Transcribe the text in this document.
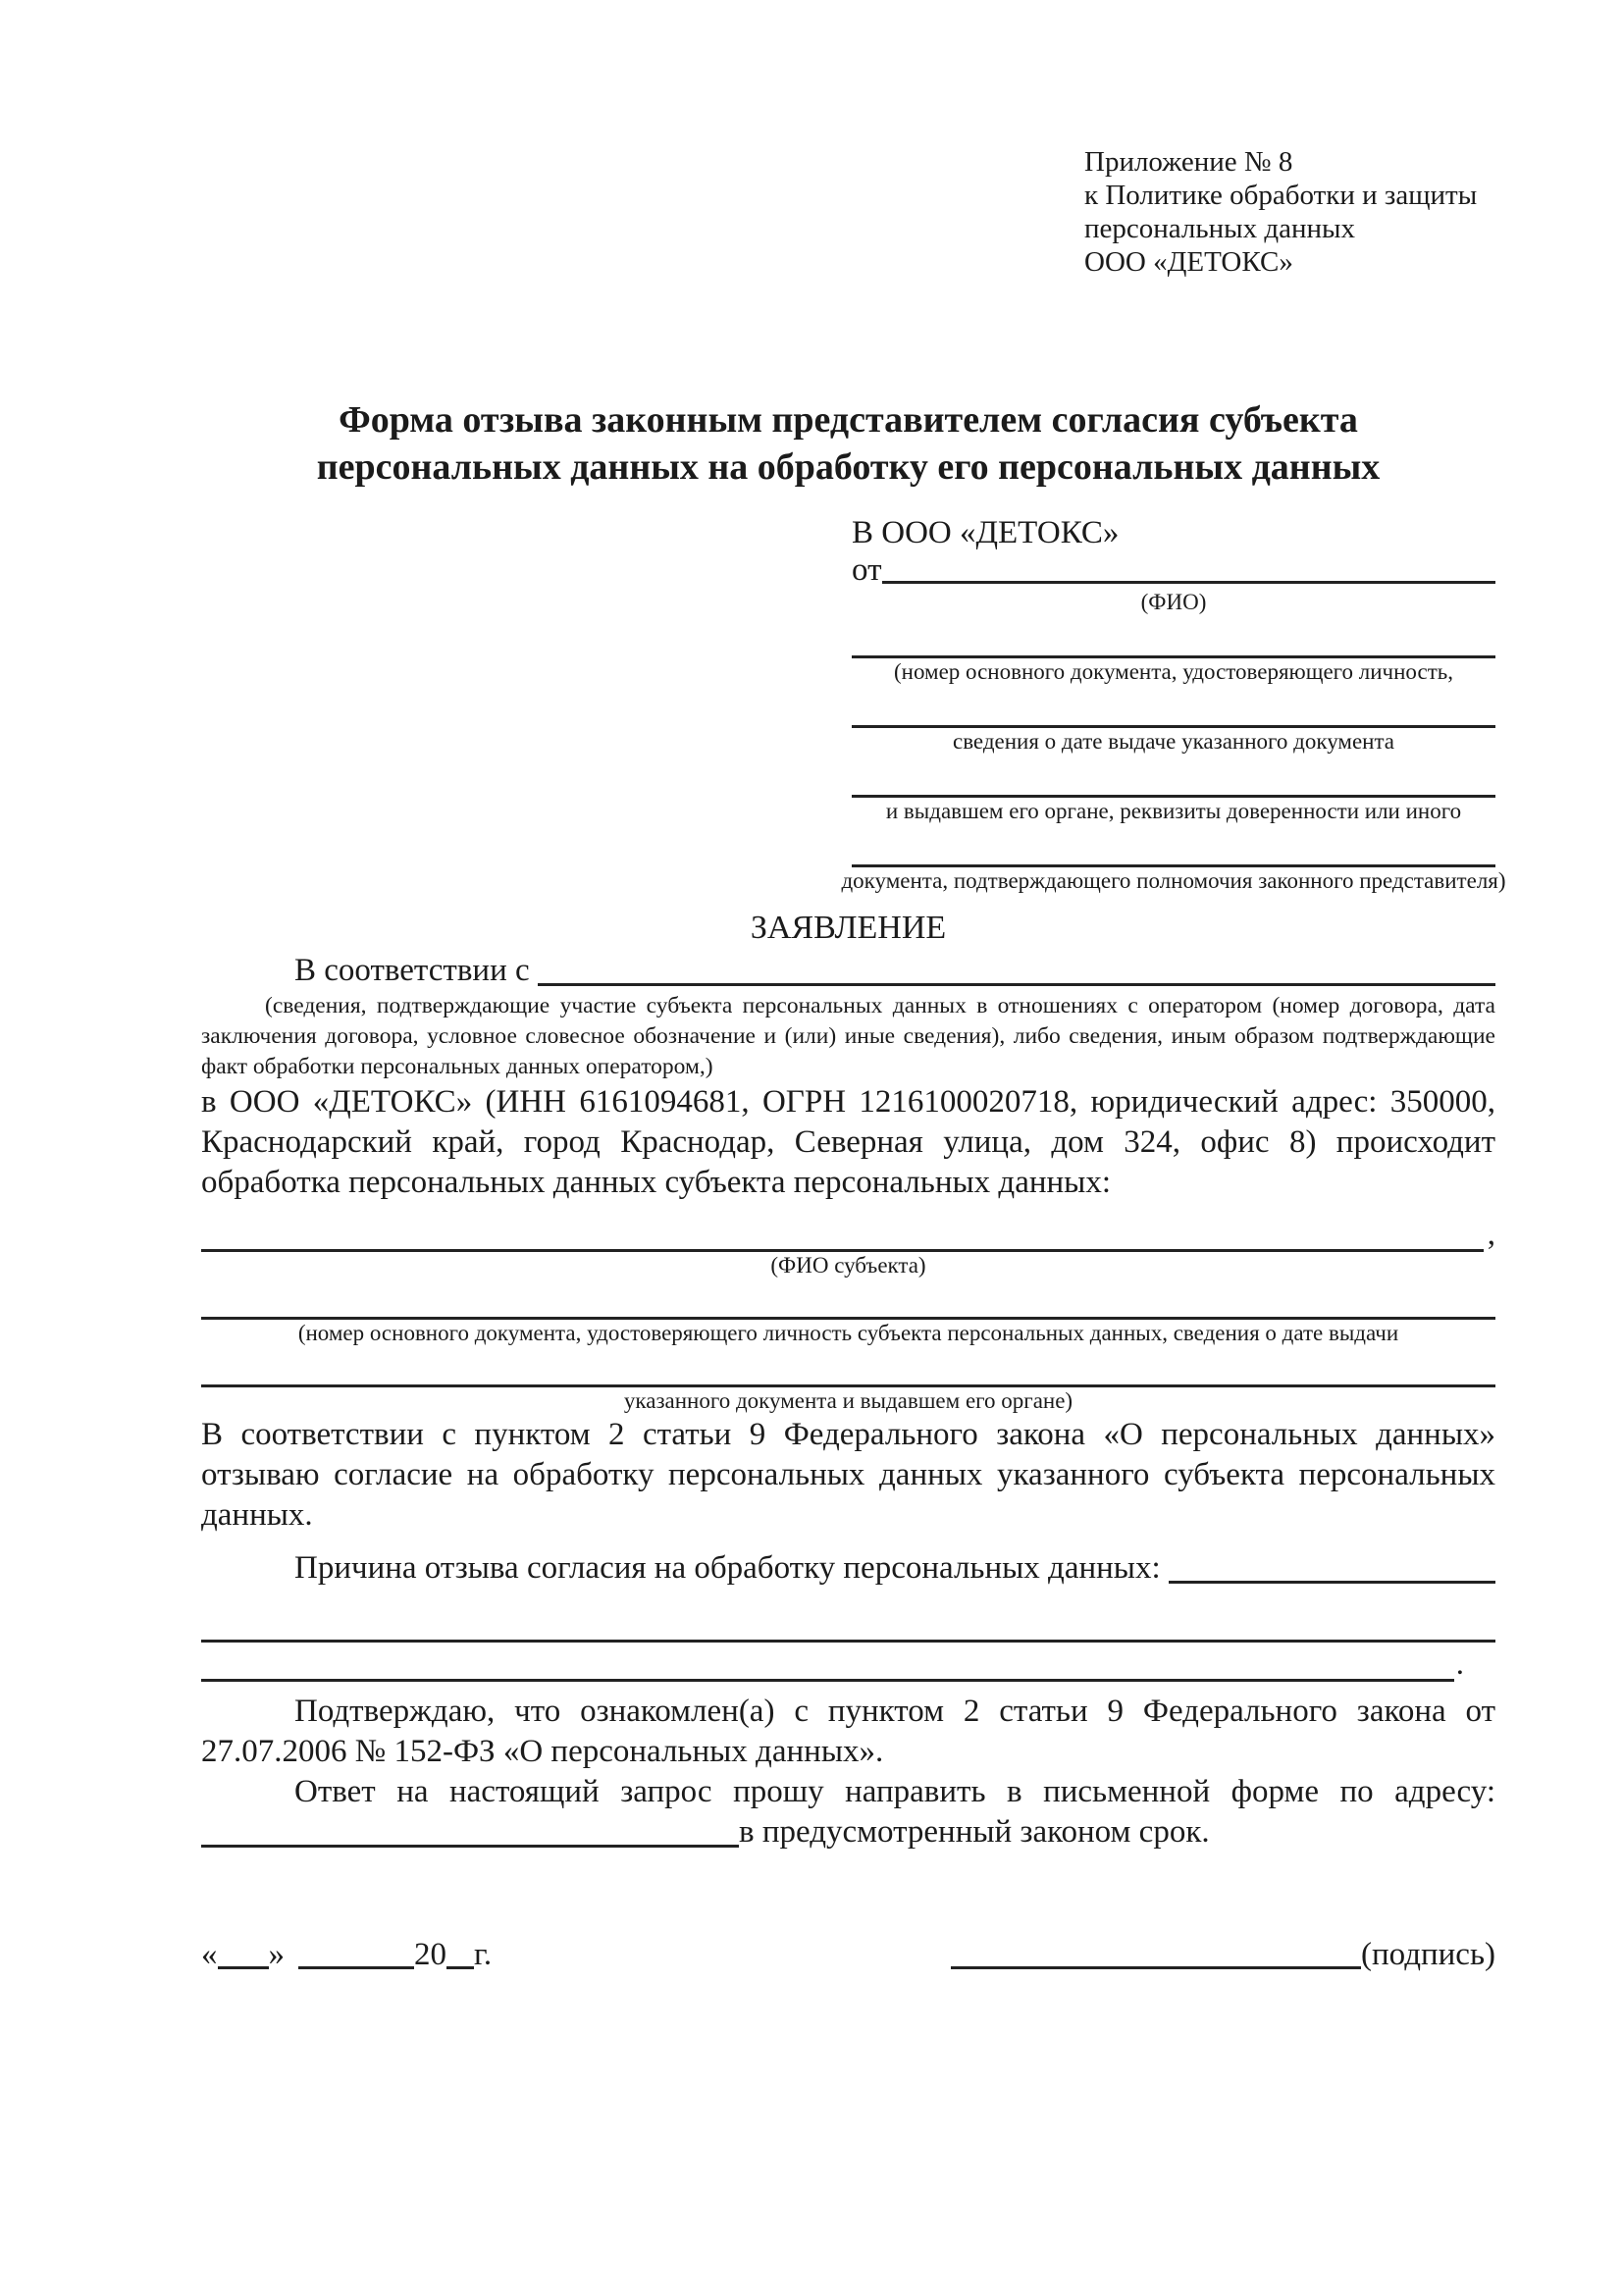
Приложение № 8
к Политике обработки и защиты
персональных данных
ООО «ДЕТОКС»
Форма отзыва законным представителем согласия субъекта персональных данных на обработку его персональных данных
В ООО «ДЕТОКС»
от
(ФИО)
(номер основного документа, удостоверяющего личность,
сведения о дате выдаче указанного документа
и выдавшем его органе, реквизиты доверенности или иного
документа, подтверждающего полномочия законного представителя)
ЗАЯВЛЕНИЕ
В соответствии с

(сведения, подтверждающие участие субъекта персональных данных в отношениях с оператором (номер договора, дата заключения договора, условное словесное обозначение и (или) иные сведения), либо сведения, иным образом подтверждающие факт обработки персональных данных оператором,)

в ООО «ДЕТОКС» (ИНН 6161094681, ОГРН 1216100020718, юридический адрес: 350000, Краснодарский край, город Краснодар, Северная улица, дом 324, офис 8) происходит обработка персональных данных субъекта персональных данных:

,
(ФИО субъекта)
(номер основного документа, удостоверяющего личность субъекта персональных данных, сведения о дате выдачи
указанного документа и выдавшем его органе)

В соответствии с пунктом 2 статьи 9 Федерального закона «О персональных данных» отзываю согласие на обработку персональных данных указанного субъекта персональных данных.

Причина отзыва согласия на обработку персональных данных:
.

Подтверждаю, что ознакомлен(а) с пунктом 2 статьи 9 Федерального закона от 27.07.2006 № 152-ФЗ «О персональных данных».

Ответ на настоящий запрос прошу направить в письменной форме по адресу:
в предусмотренный законом срок.
« »	20 г.	(подпись)
